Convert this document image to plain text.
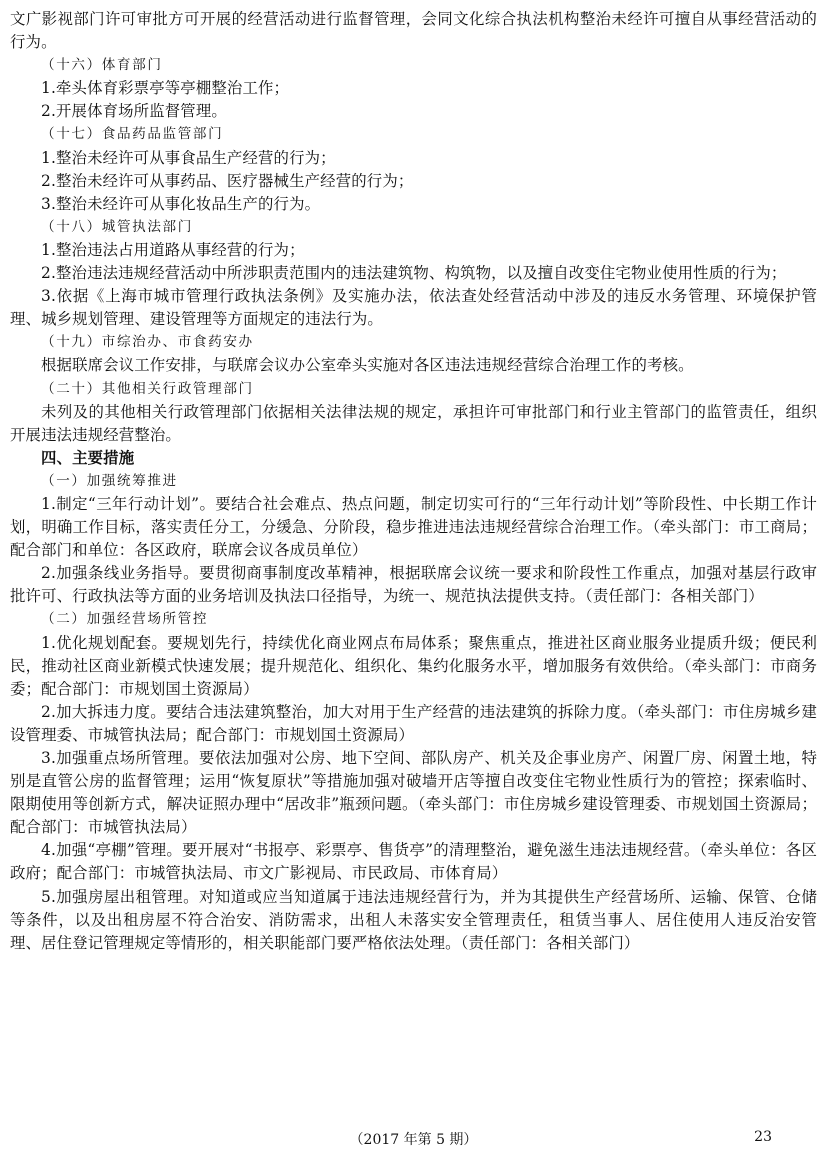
文广影视部门许可审批方可开展的经营活动进行监督管理，会同文化综合执法机构整治未经许可擅自从事经营活动的行为。

（十六）体育部门

1.牵头体育彩票亭等亭棚整治工作；

2.开展体育场所监督管理。

（十七）食品药品监管部门

1.整治未经许可从事食品生产经营的行为；

2.整治未经许可从事药品、医疗器械生产经营的行为；

3.整治未经许可从事化妆品生产的行为。

（十八）城管执法部门

1.整治违法占用道路从事经营的行为；

2.整治违法违规经营活动中所涉职责范围内的违法建筑物、构筑物，以及擅自改变住宅物业使用性质的行为；

3.依据《上海市城市管理行政执法条例》及实施办法，依法查处经营活动中涉及的违反水务管理、环境保护管理、城乡规划管理、建设管理等方面规定的违法行为。

（十九）市综治办、市食药安办

根据联席会议工作安排，与联席会议办公室牵头实施对各区违法违规经营综合治理工作的考核。

（二十）其他相关行政管理部门

未列及的其他相关行政管理部门依据相关法律法规的规定，承担许可审批部门和行业主管部门的监管责任，组织开展违法违规经营整治。

四、主要措施

（一）加强统筹推进

1.制定“三年行动计划”。要结合社会难点、热点问题，制定切实可行的“三年行动计划”等阶段性、中长期工作计划，明确工作目标，落实责任分工，分缓急、分阶段，稳步推进违法违规经营综合治理工作。（牵头部门：市工商局；配合部门和单位：各区政府，联席会议各成员单位）

2.加强条线业务指导。要贯彻商事制度改革精神，根据联席会议统一要求和阶段性工作重点，加强对基层行政审批许可、行政执法等方面的业务培训及执法口径指导，为统一、规范执法提供支持。（责任部门：各相关部门）

（二）加强经营场所管控

1.优化规划配套。要规划先行，持续优化商业网点布局体系；聚焦重点，推进社区商业服务业提质升级；便民利民，推动社区商业新模式快速发展；提升规范化、组织化、集约化服务水平，增加服务有效供给。（牵头部门：市商务委；配合部门：市规划国土资源局）

2.加大拆违力度。要结合违法建筑整治，加大对用于生产经营的违法建筑的拆除力度。（牵头部门：市住房城乡建设管理委、市城管执法局；配合部门：市规划国土资源局）

3.加强重点场所管理。要依法加强对公房、地下空间、部队房产、机关及企事业房产、闲置厂房、闲置土地，特别是直管公房的监督管理；运用“恢复原状”等措施加强对破墙开店等擅自改变住宅物业性质行为的管控；探索临时、限期使用等创新方式，解决证照办理中“居改非”瓶颈问题。（牵头部门：市住房城乡建设管理委、市规划国土资源局；配合部门：市城管执法局）

4.加强“亭棚”管理。要开展对“书报亭、彩票亭、售货亭”的清理整治，避免滋生违法违规经营。（牵头单位：各区政府；配合部门：市城管执法局、市文广影视局、市民政局、市体育局）

5.加强房屋出租管理。对知道或应当知道属于违法违规经营行为，并为其提供生产经营场所、运输、保管、仓储等条件，以及出租房屋不符合治安、消防需求，出租人未落实安全管理责任，租赁当事人、居住使用人违反治安管理、居住登记管理规定等情形的，相关职能部门要严格依法处理。（责任部门：各相关部门）

（2017 年第 5 期）	23
